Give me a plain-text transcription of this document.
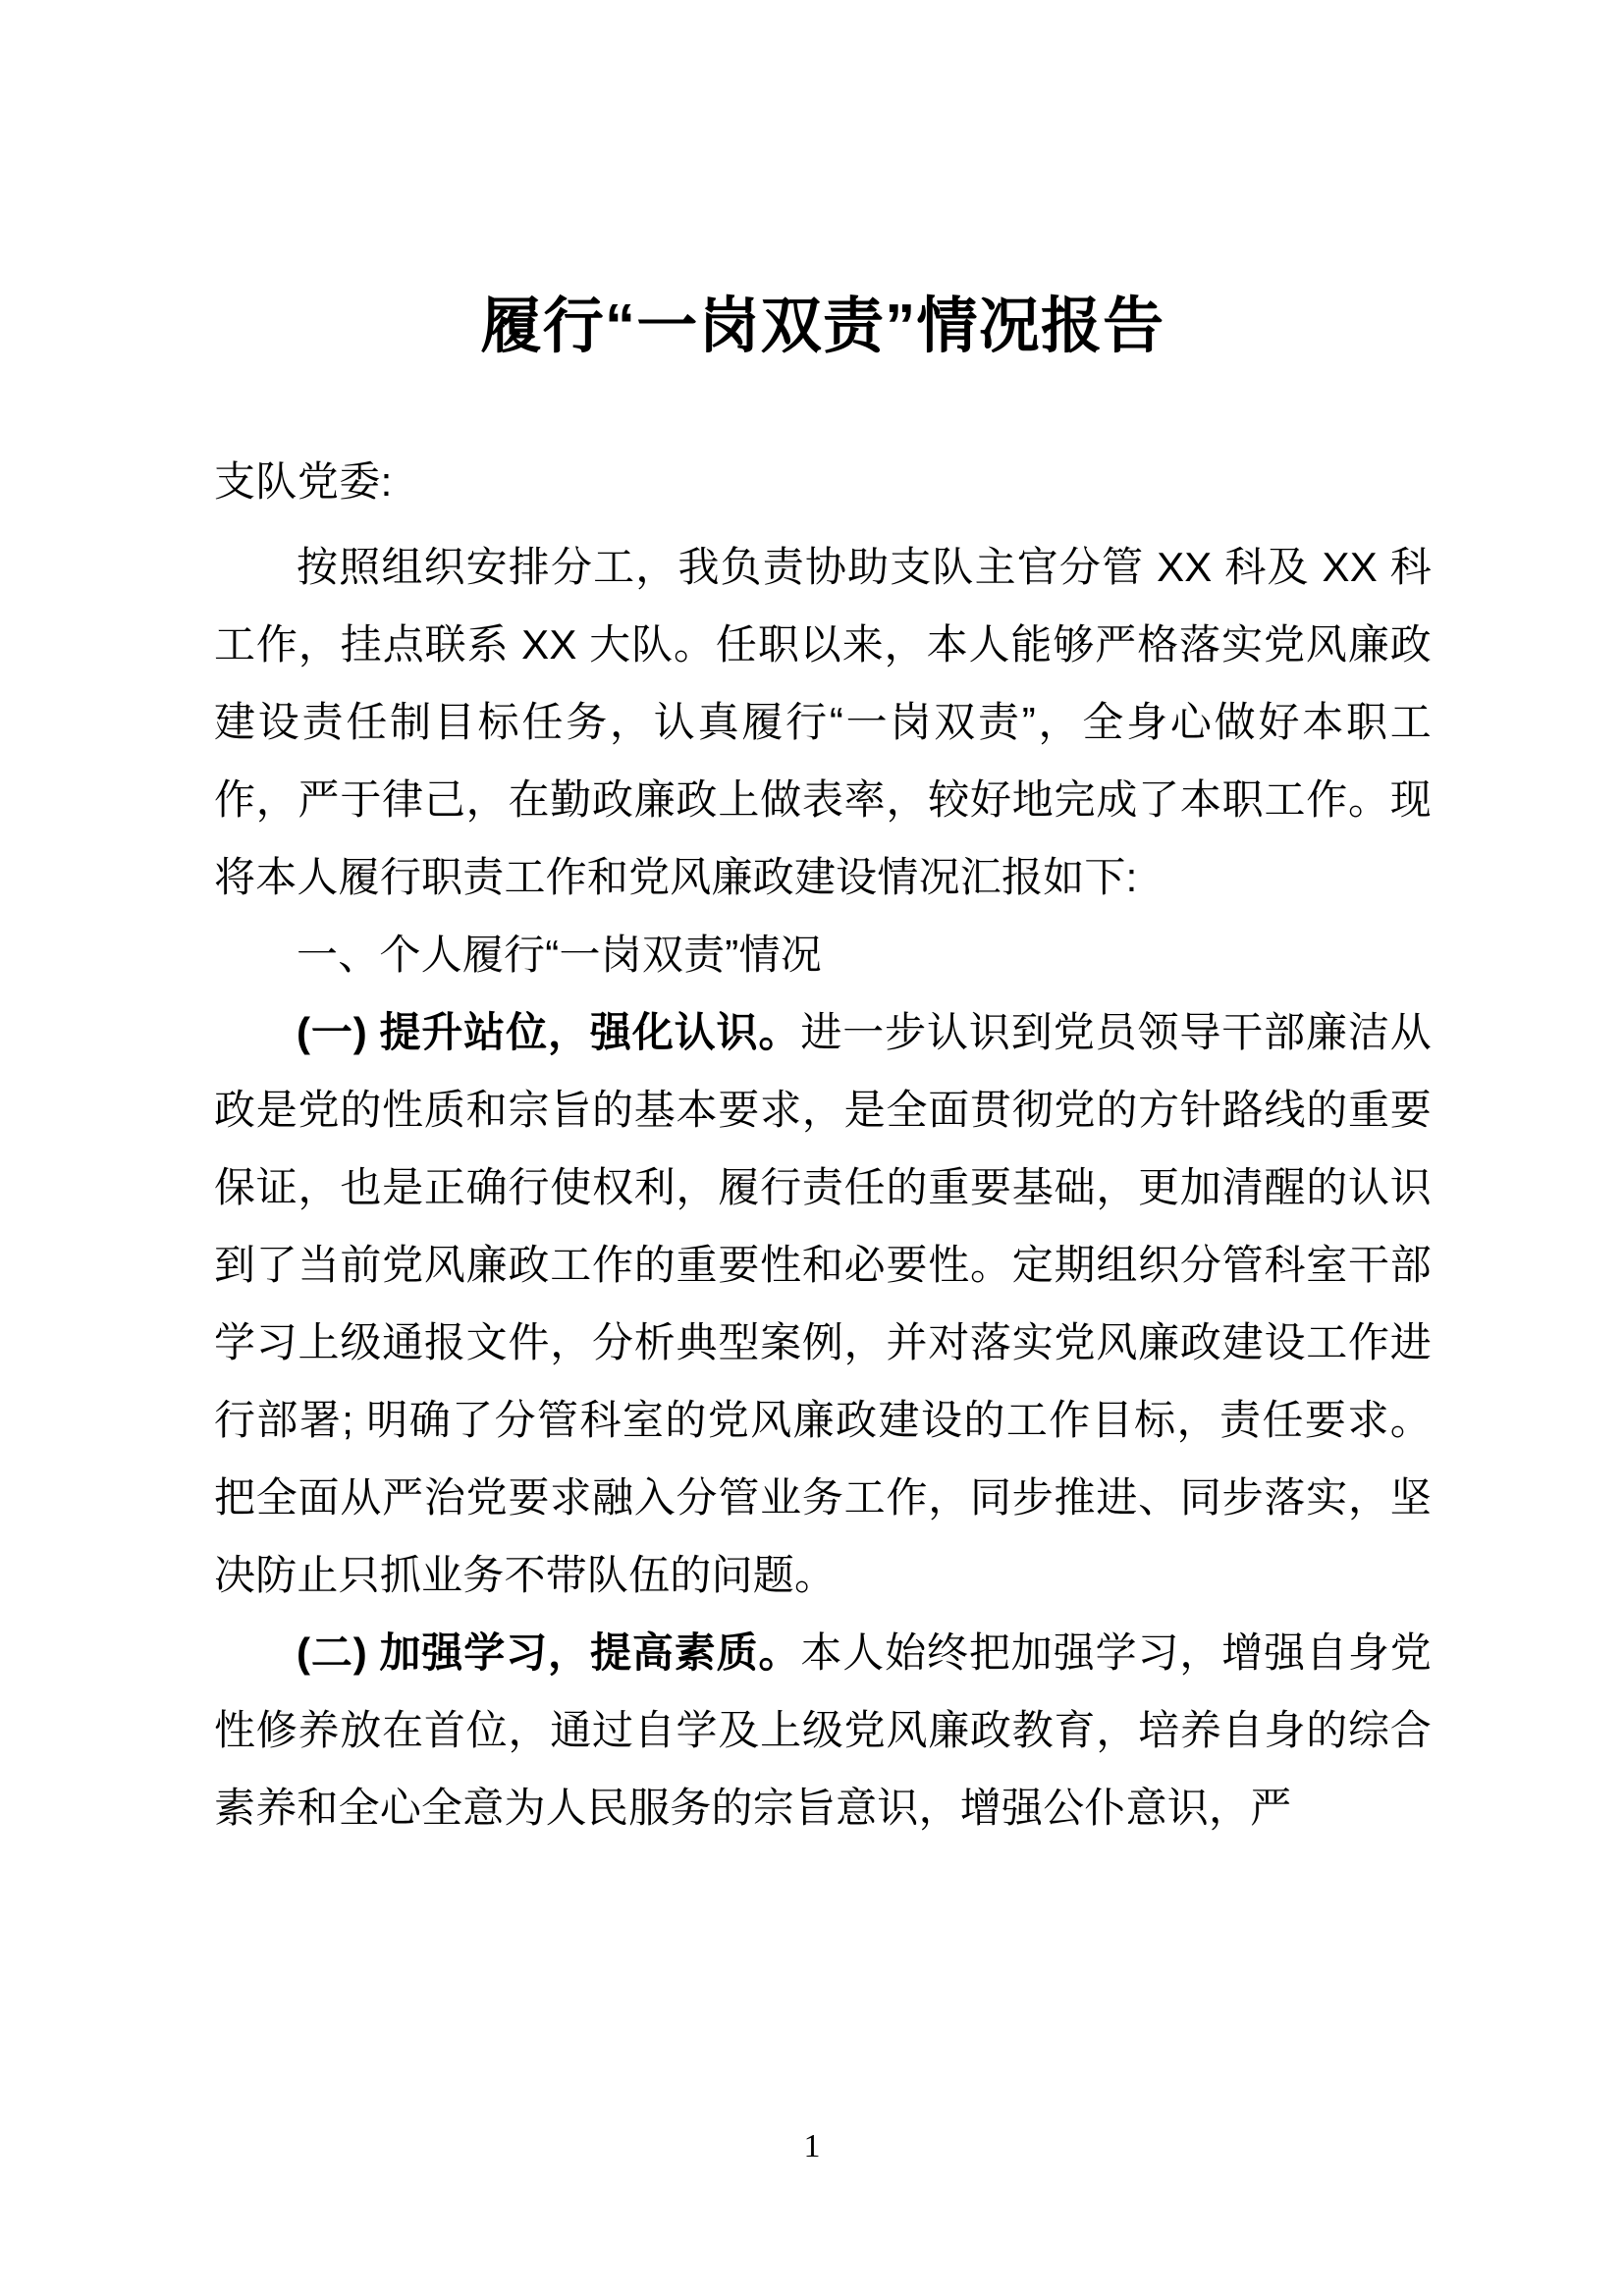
履行“一岗双责”情况报告

支队党委:

按照组织安排分工，我负责协助支队主官分管 XX 科及 XX 科工作，挂点联系 XX 大队。任职以来，本人能够严格落实党风廉政建设责任制目标任务，认真履行“一岗双责”，全身心做好本职工作，严于律己，在勤政廉政上做表率，较好地完成了本职工作。现将本人履行职责工作和党风廉政建设情况汇报如下:

一、个人履行“一岗双责”情况

(一) 提升站位，强化认识。进一步认识到党员领导干部廉洁从政是党的性质和宗旨的基本要求，是全面贯彻党的方针路线的重要保证，也是正确行使权利，履行责任的重要基础，更加清醒的认识到了当前党风廉政工作的重要性和必要性。定期组织分管科室干部学习上级通报文件，分析典型案例，并对落实党风廉政建设工作进行部署; 明确了分管科室的党风廉政建设的工作目标，责任要求。把全面从严治党要求融入分管业务工作，同步推进、同步落实，坚决防止只抓业务不带队伍的问题。

(二) 加强学习，提高素质。本人始终把加强学习，增强自身党性修养放在首位，通过自学及上级党风廉政教育，培养自身的综合素养和全心全意为人民服务的宗旨意识，增强公仆意识，严

1
